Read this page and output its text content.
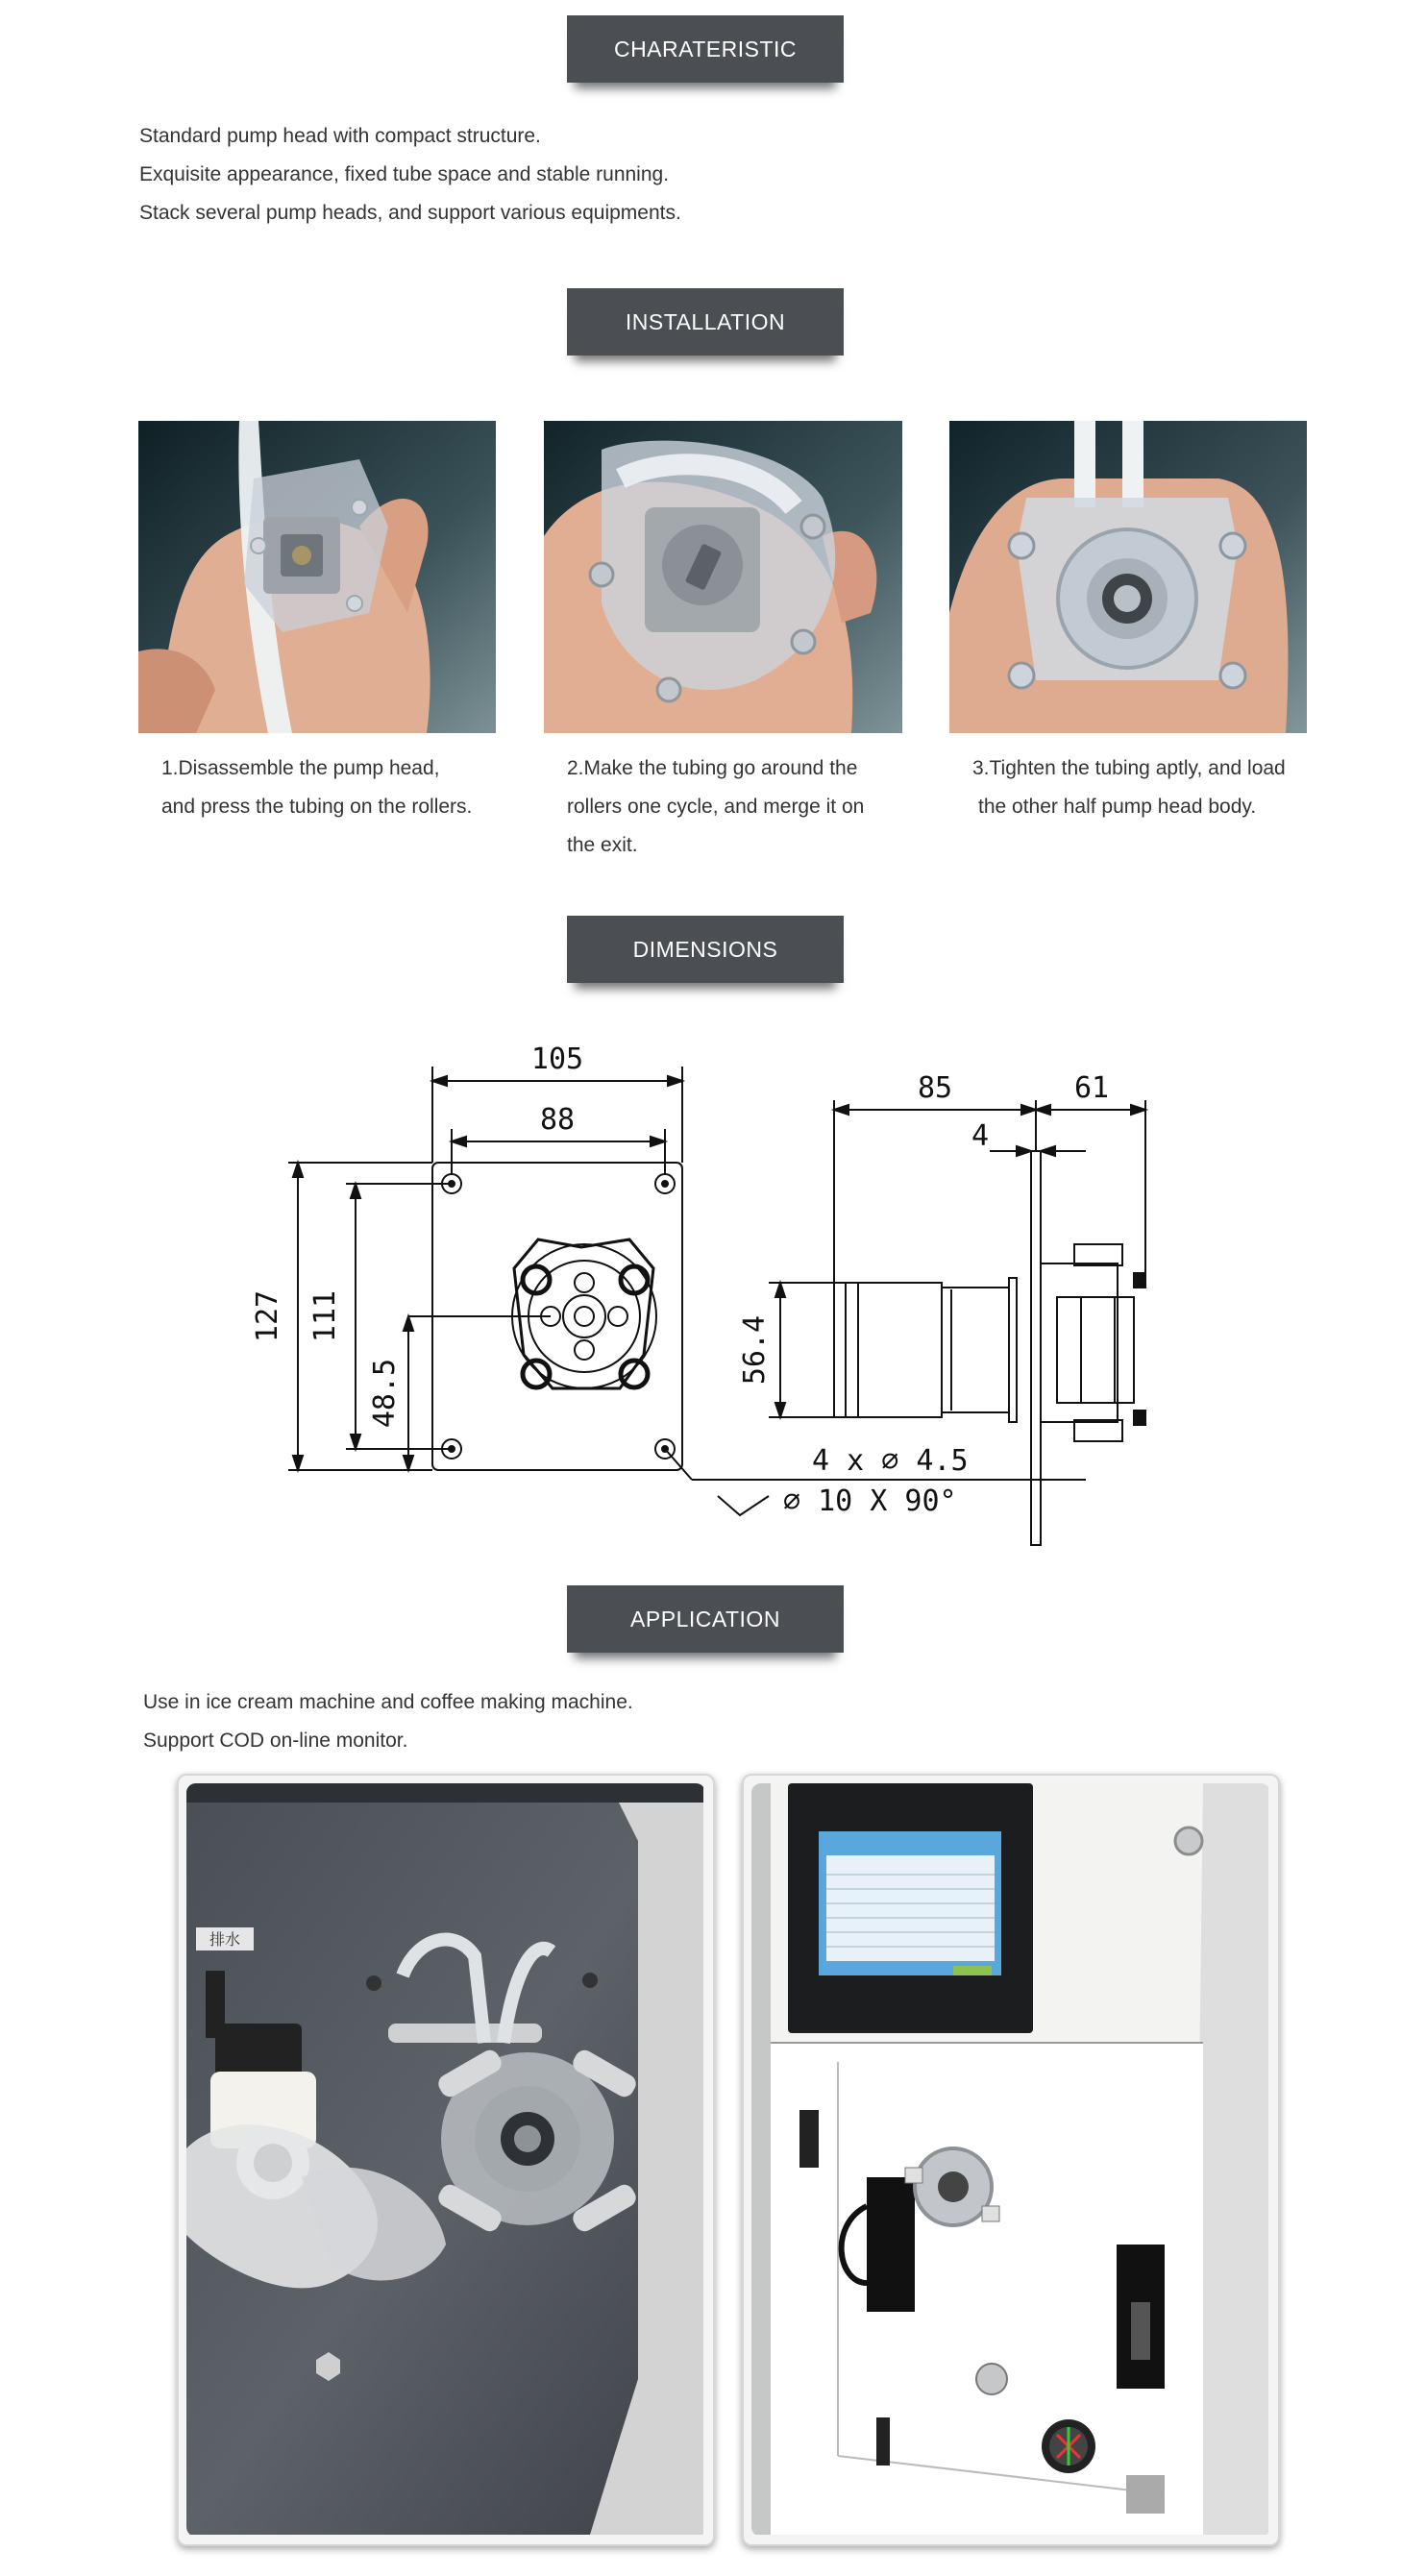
CHARATERISTIC
Standard pump head with compact structure.
Exquisite appearance, fixed tube space and stable running.
Stack several pump heads, and support various equipments.
INSTALLATION
1.Disassemble the pump head,
and press the tubing on the rollers.
2.Make the tubing go around the
rollers one cycle, and merge it on
the exit.
3.Tighten the tubing aptly, and load
the other half pump head body.
DIMENSIONS
105
88
127 111
48.5
85	61
4
56.4
4 x ∅ 4.5
∅ 10 X 90°
APPLICATION
Use in ice cream machine and coffee making machine.
Support COD on-line monitor.
排水
